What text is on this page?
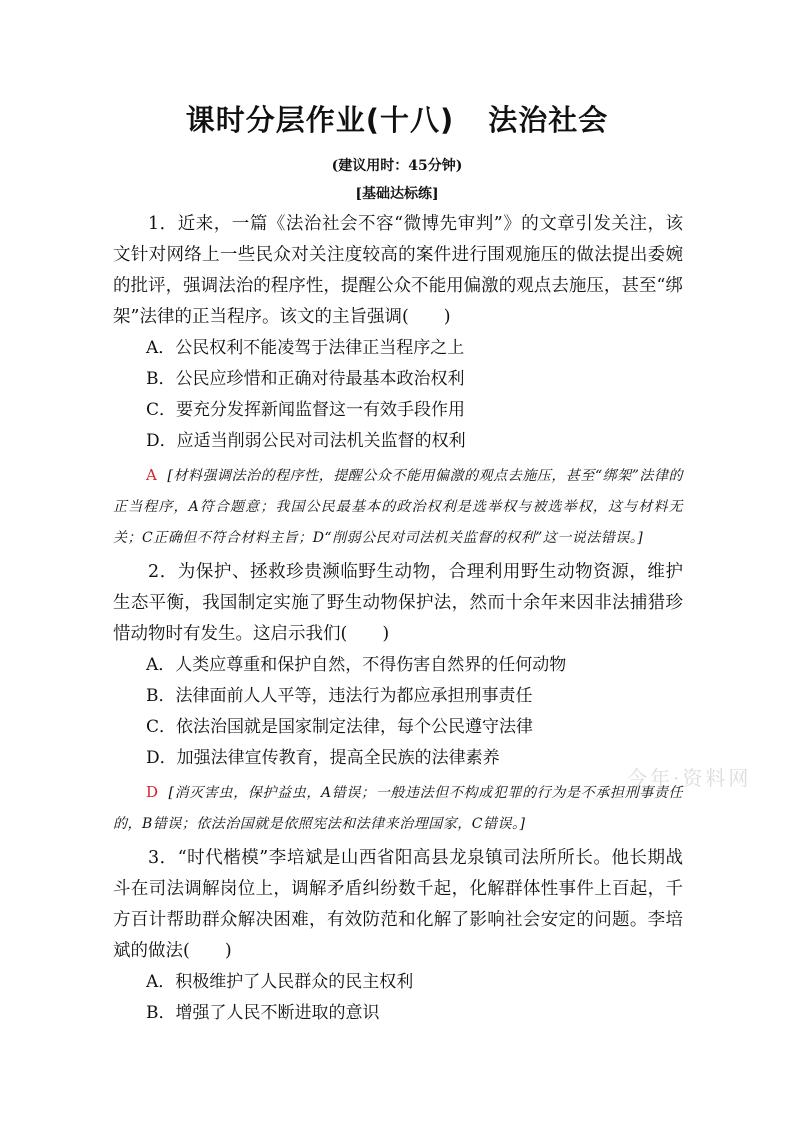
课时分层作业(十八) 法治社会
(建议用时：45分钟)
[基础达标练]

1．近来，一篇《法治社会不容“微博先审判”》的文章引发关注，该文针对网络上一些民众对关注度较高的案件进行围观施压的做法提出委婉的批评，强调法治的程序性，提醒公众不能用偏激的观点去施压，甚至“绑架”法律的正当程序。该文的主旨强调(　　)

A．公民权利不能凌驾于法律正当程序之上

B．公民应珍惜和正确对待最基本政治权利

C．要充分发挥新闻监督这一有效手段作用

D．应适当削弱公民对司法机关监督的权利

A [材料强调法治的程序性，提醒公众不能用偏激的观点去施压，甚至“绑架”法律的正当程序，A符合题意；我国公民最基本的政治权利是选举权与被选举权，这与材料无关；C正确但不符合材料主旨；D“削弱公民对司法机关监督的权利”这一说法错误。]

2．为保护、拯救珍贵濒临野生动物，合理利用野生动物资源，维护生态平衡，我国制定实施了野生动物保护法，然而十余年来因非法捕猎珍惜动物时有发生。这启示我们(　　)

A．人类应尊重和保护自然，不得伤害自然界的任何动物

B．法律面前人人平等，违法行为都应承担刑事责任

C．依法治国就是国家制定法律，每个公民遵守法律

D．加强法律宣传教育，提高全民族的法律素养

D [消灭害虫，保护益虫，A错误；一般违法但不构成犯罪的行为是不承担刑事责任的，B错误；依法治国就是依照宪法和法律来治理国家，C错误。]

3．“时代楷模”李培斌是山西省阳高县龙泉镇司法所所长。他长期战斗在司法调解岗位上，调解矛盾纠纷数千起，化解群体性事件上百起，千方百计帮助群众解决困难，有效防范和化解了影响社会安定的问题。李培斌的做法(　　)

A．积极维护了人民群众的民主权利

B．增强了人民不断进取的意识

今年·资料网
